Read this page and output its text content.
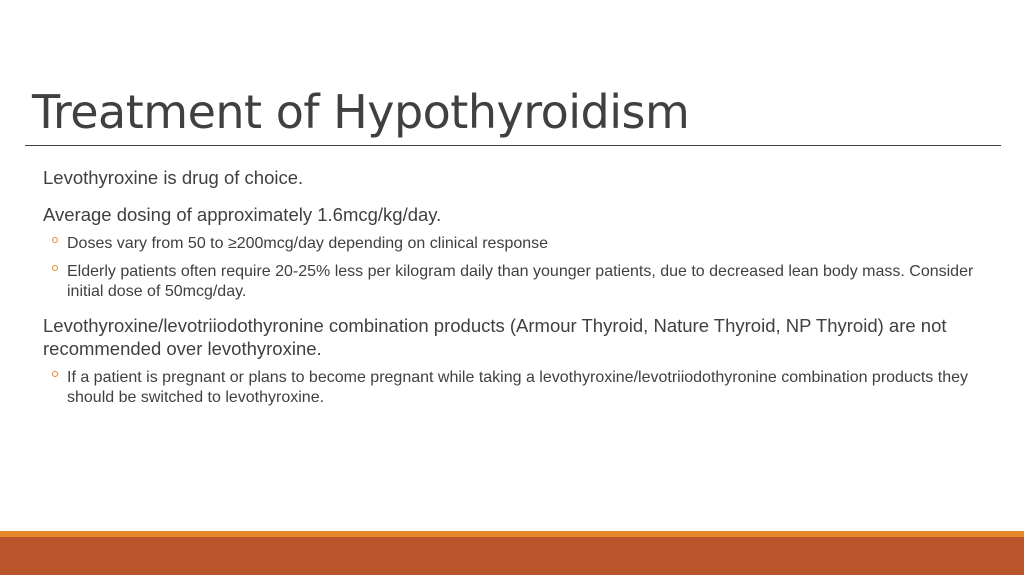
Treatment of Hypothyroidism

Levothyroxine is drug of choice.

Average dosing of approximately 1.6mcg/kg/day.

Doses vary from 50 to ≥200mcg/day depending on clinical response
Elderly patients often require 20-25% less per kilogram daily than younger patients, due to decreased lean body mass. Consider initial dose of 50mcg/day.

Levothyroxine/levotriiodothyronine combination products (Armour Thyroid, Nature Thyroid, NP Thyroid) are not recommended over levothyroxine.

If a patient is pregnant or plans to become pregnant while taking a levothyroxine/levotriiodothyronine combination products they should be switched to levothyroxine.
